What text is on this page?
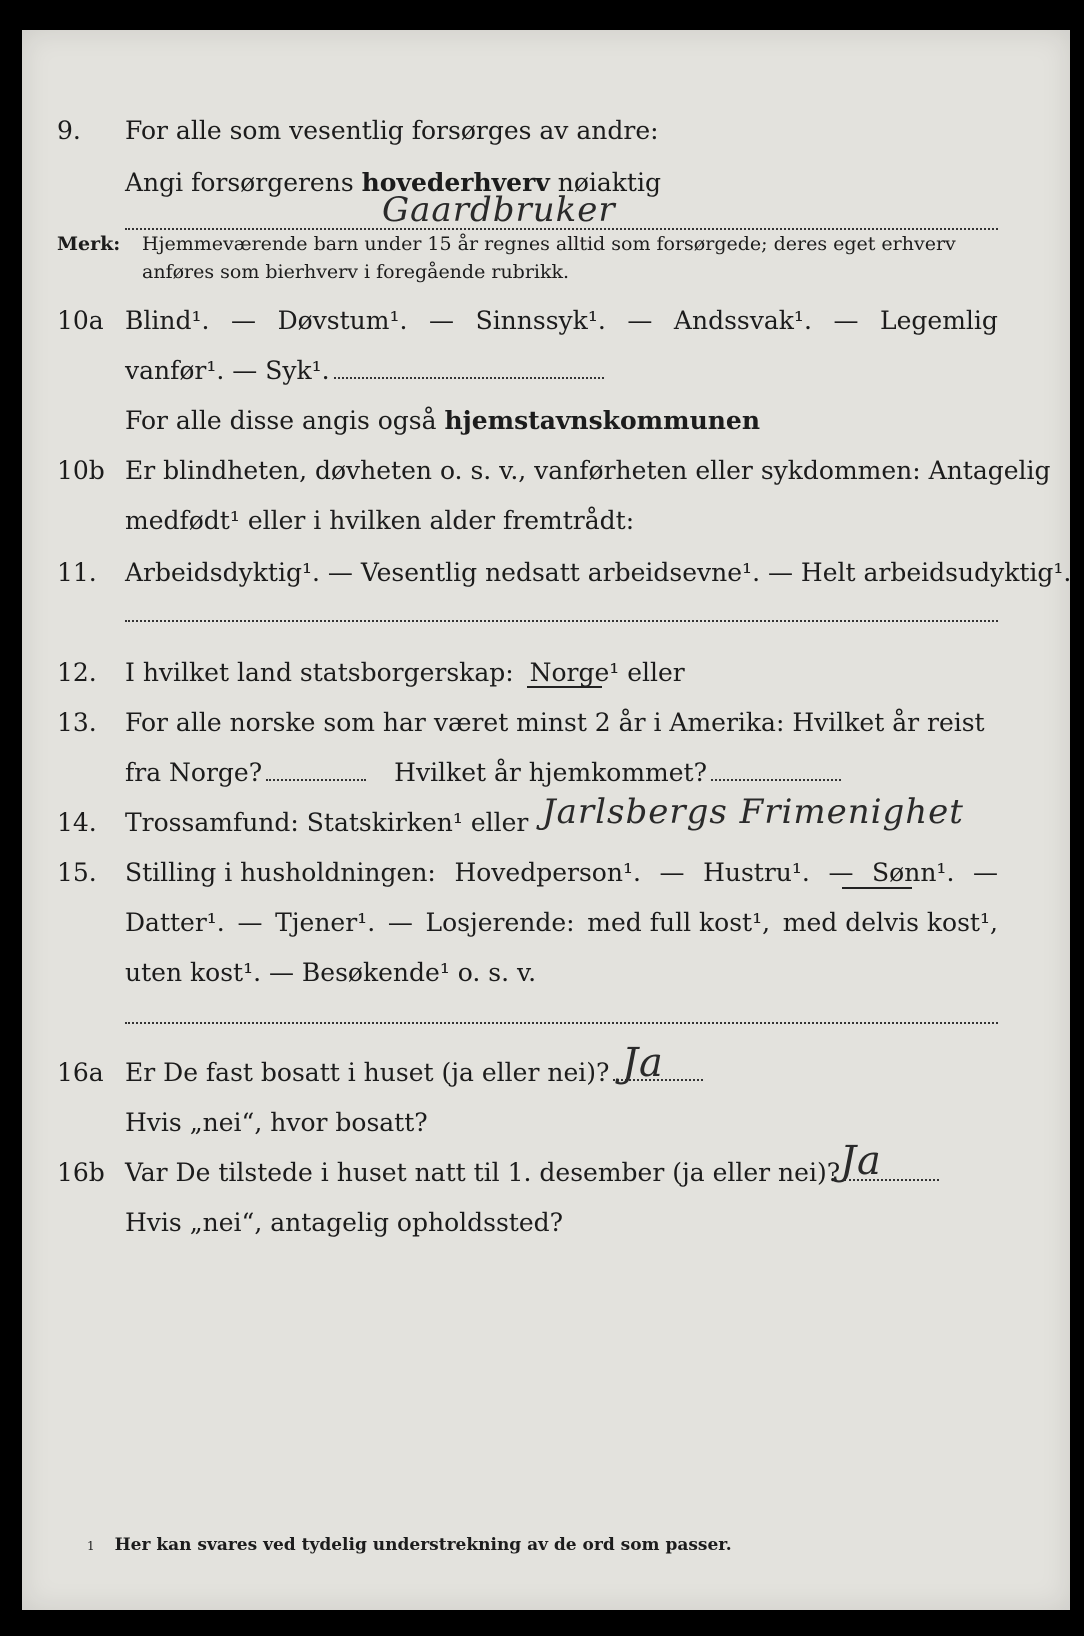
9. For alle som vesentlig forsørges av andre:
Angi forsørgerens
hovederhverv
nøiaktig
Gaardbruker
Merk: Hjemmeværende barn under 15 år regnes alltid som forsørgede; deres eget erhverv anføres som bierhverv i foregående rubrikk.
10a Blind¹. — Døvstum¹. — Sinnssyk¹. — Andssvak¹. — Legemlig
vanfør¹. — Syk¹.
For alle disse angis også
hjemstavnskommunen
10b Er blindheten, døvheten o. s. v., vanførheten eller sykdommen: Antagelig
medfødt¹ eller i hvilken alder fremtrådt:
11. Arbeidsdyktig¹. — Vesentlig nedsatt arbeidsevne¹. — Helt arbeidsudyktig¹.
12. I hvilket land statsborgerskap:
Norge¹
eller
13. For alle norske som har været minst 2 år i Amerika: Hvilket år reist
fra Norge?	Hvilket år hjemkommet?
14. Trossamfund: Statskirken¹ eller Jarlsbergs Frimenighet
15. Stilling i husholdningen: Hovedperson¹. — Hustru¹. — Sønn¹. —
Datter¹. — Tjener¹. — Losjerende: med full kost¹, med delvis kost¹,
uten kost¹. — Besøkende¹ o. s. v.
16a Er De fast bosatt i huset (ja eller nei)? Ja
Hvis „nei“, hvor bosatt?
16b Var De tilstede i huset natt til 1. desember (ja eller nei)? Ja
Hvis „nei“, antagelig opholdssted?
1 Her kan svares ved tydelig understrekning av de ord som passer.
